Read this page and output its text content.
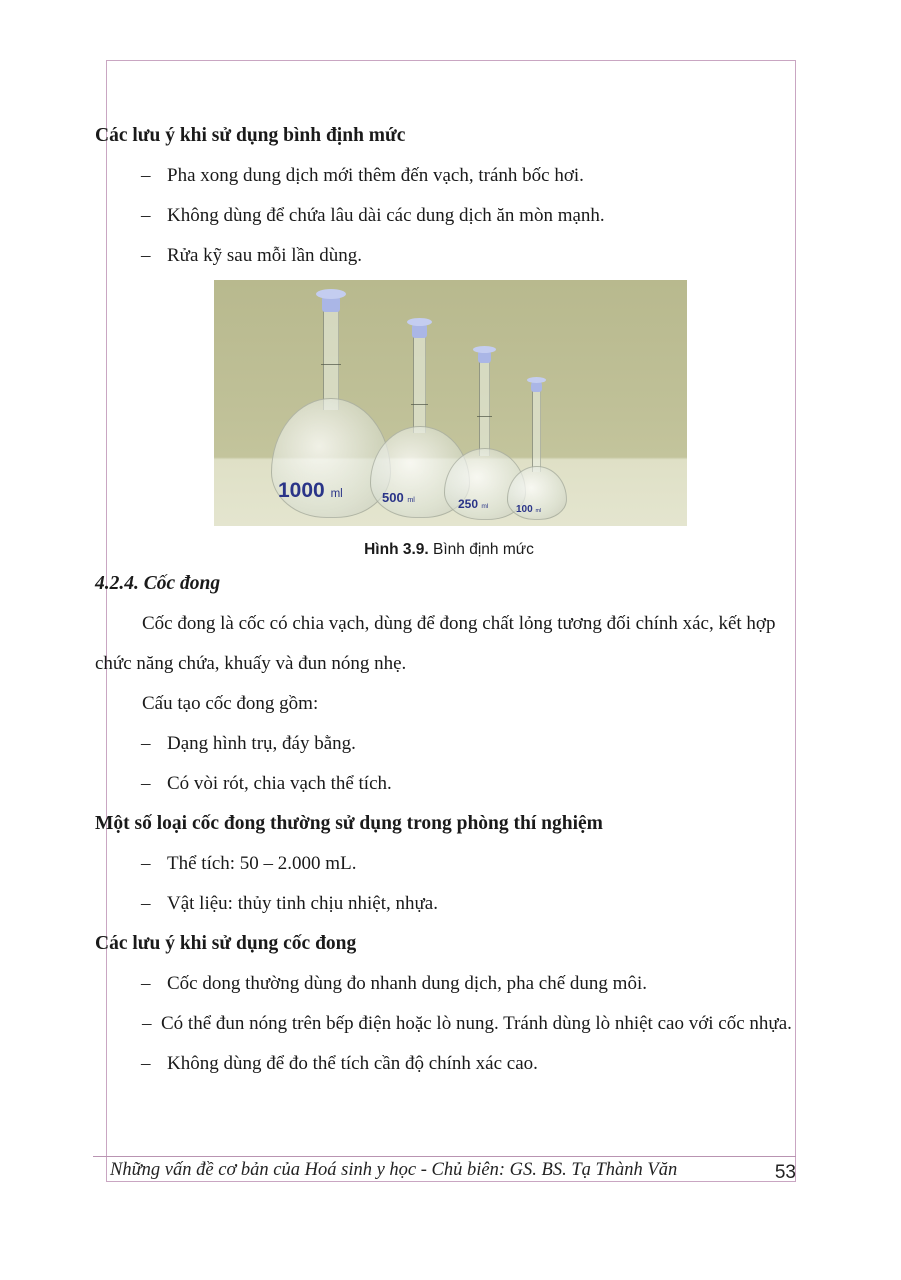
Các lưu ý khi sử dụng bình định mức
– Pha xong dung dịch mới thêm đến vạch, tránh bốc hơi.
– Không dùng để chứa lâu dài các dung dịch ăn mòn mạnh.
– Rửa kỹ sau mỗi lần dùng.
1000 ml	500 ml	250 ml	100 ml
Hình 3.9. Bình định mức
4.2.4. Cốc đong

Cốc đong là cốc có chia vạch, dùng để đong chất lỏng tương đối chính xác, kết hợp chức năng chứa, khuấy và đun nóng nhẹ.

Cấu tạo cốc đong gồm:

– Dạng hình trụ, đáy bằng.
– Có vòi rót, chia vạch thể tích.
Một số loại cốc đong thường sử dụng trong phòng thí nghiệm
– Thể tích: 50 – 2.000 mL.
– Vật liệu: thủy tinh chịu nhiệt, nhựa.
Các lưu ý khi sử dụng cốc đong
– Cốc dong thường dùng đo nhanh dung dịch, pha chế dung môi.

– Có thể đun nóng trên bếp điện hoặc lò nung. Tránh dùng lò nhiệt cao với cốc nhựa.

– Không dùng để đo thể tích cần độ chính xác cao.
Những vấn đề cơ bản của Hoá sinh y học - Chủ biên: GS. BS. Tạ Thành Văn	53
